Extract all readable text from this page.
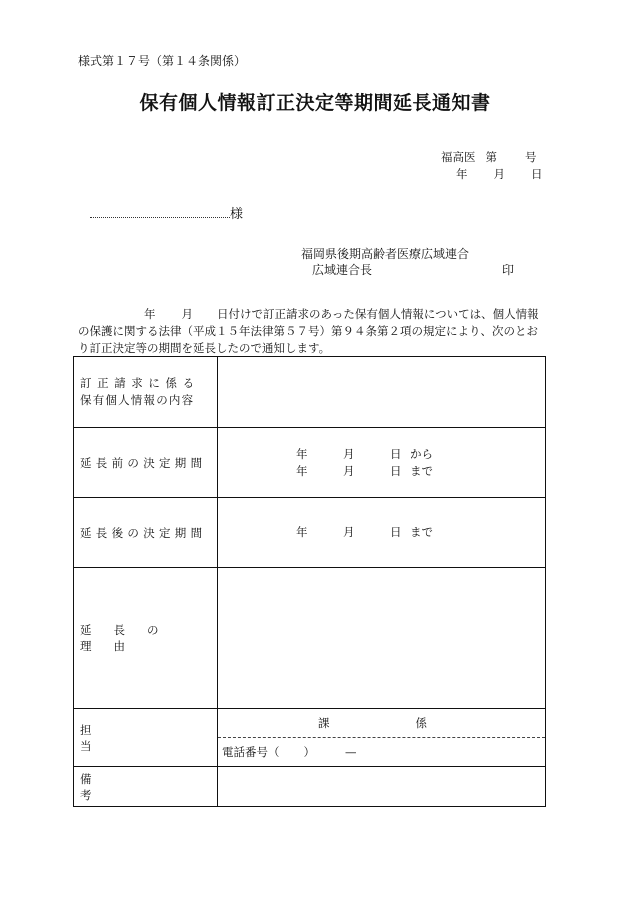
様式第１７号（第１４条関係）
保有個人情報訂正決定等期間延長通知書
福高医 第 号
年 月 日
様
福岡県後期高齢者医療広域連合
広域連合長	印
年 月 日付けで訂正請求のあった保有個人情報については、個人情報の保護に関する法律（平成１５年法律第５７号）第９４条第２項の規定により、次のとおり訂正決定等の期間を延長したので通知します。
訂正請求に係る
保有個人情報の内容	

延長前の決定期間	年 月 日 から
年 月 日 まで

延長後の決定期間	年 月 日 まで

延長の理由	
担当	課 係
電話番号（ ） —

備考	
